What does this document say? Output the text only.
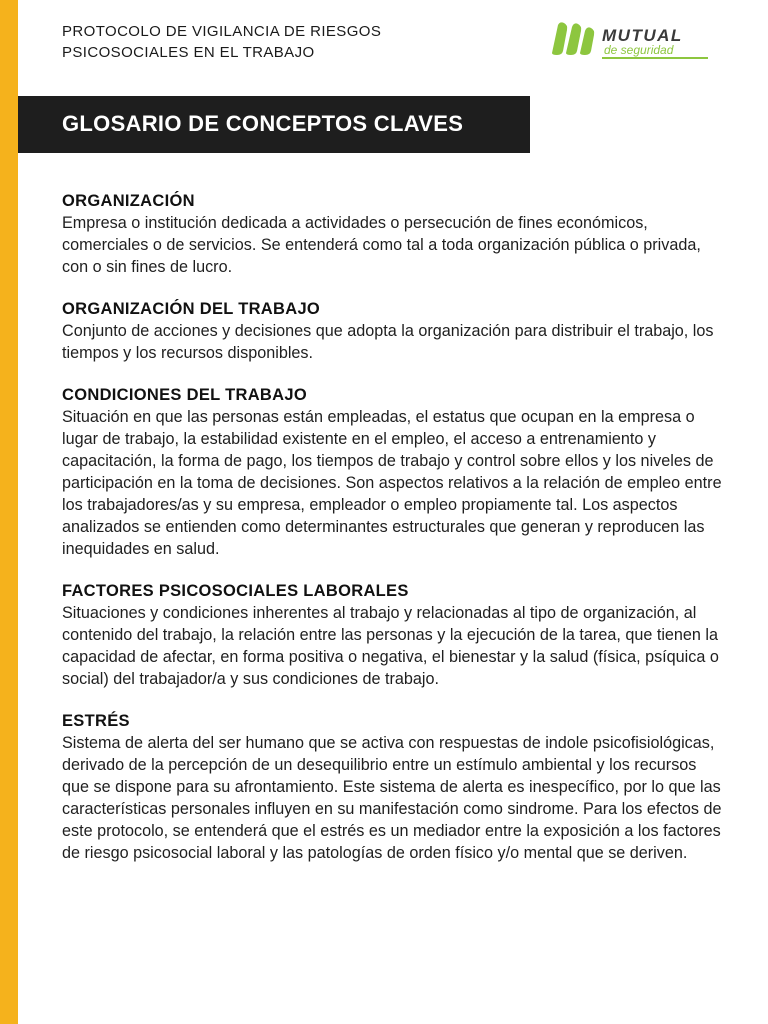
PROTOCOLO DE VIGILANCIA DE RIESGOS
PSICOSOCIALES EN EL TRABAJO
MUTUAL
de seguridad
GLOSARIO DE CONCEPTOS CLAVES
ORGANIZACIÓN

Empresa o institución dedicada a actividades o persecución de fines económicos, comerciales o de servicios. Se entenderá como tal a toda organización pública o privada, con o sin fines de lucro.

ORGANIZACIÓN DEL TRABAJO

Conjunto de acciones y decisiones que adopta la organización para distribuir el trabajo, los tiempos y los recursos disponibles.

CONDICIONES DEL TRABAJO

Situación en que las personas están empleadas, el estatus que ocupan en la empresa o lugar de trabajo, la estabilidad existente en el empleo, el acceso a entrenamiento y capacitación, la forma de pago, los tiempos de trabajo y control sobre ellos y los niveles de participación en la toma de decisiones. Son aspectos relativos a la relación de empleo entre los trabajadores/as y su empresa, empleador o empleo propiamente tal. Los aspectos analizados se entienden como determinantes estructurales que generan y reproducen las inequidades en salud.

FACTORES PSICOSOCIALES LABORALES

Situaciones y condiciones inherentes al trabajo y relacionadas al tipo de organización, al contenido del trabajo, la relación entre las personas y la ejecución de la tarea, que tienen la capacidad de afectar, en forma positiva o negativa, el bienestar y la salud (física, psíquica o social) del trabajador/a y sus condiciones de trabajo.

ESTRÉS

Sistema de alerta del ser humano que se activa con respuestas de indole psicofisiológicas, derivado de la percepción de un desequilibrio entre un estímulo ambiental y los recursos que se dispone para su afrontamiento. Este sistema de alerta es inespecífico, por lo que las características personales influyen en su manifestación como sindrome. Para los efectos de este protocolo, se entenderá que el estrés es un mediador entre la exposición a los factores de riesgo psicosocial laboral y las patologías de orden físico y/o mental que se deriven.
